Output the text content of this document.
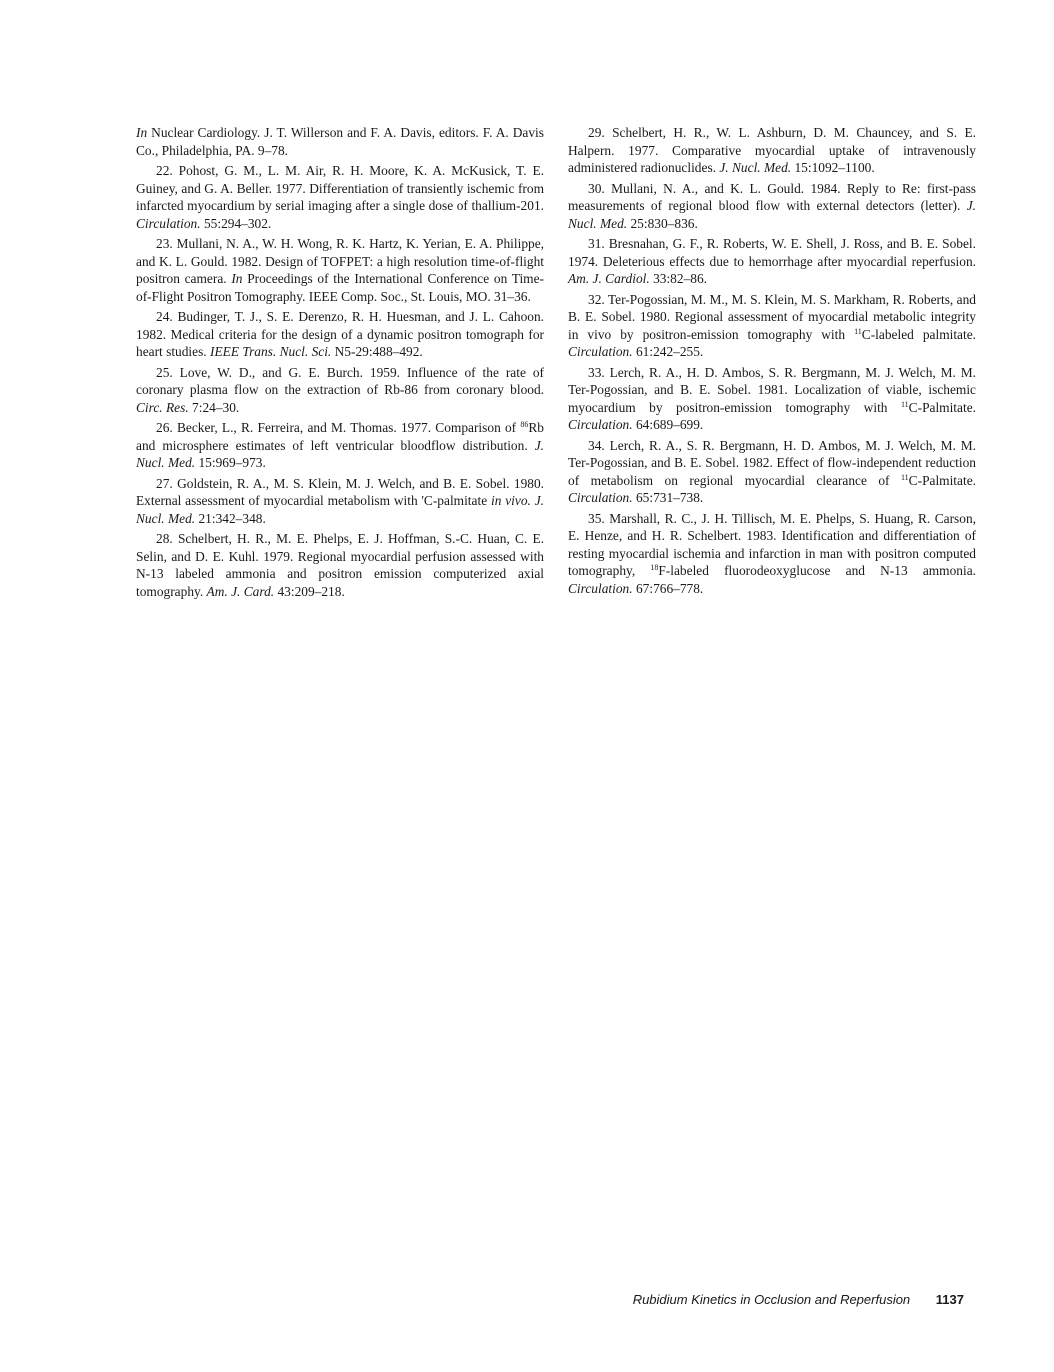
In Nuclear Cardiology. J. T. Willerson and F. A. Davis, editors. F. A. Davis Co., Philadelphia, PA. 9–78.

22. Pohost, G. M., L. M. Air, R. H. Moore, K. A. McKusick, T. E. Guiney, and G. A. Beller. 1977. Differentiation of transiently ischemic from infarcted myocardium by serial imaging after a single dose of thallium-201. Circulation. 55:294–302.

23. Mullani, N. A., W. H. Wong, R. K. Hartz, K. Yerian, E. A. Philippe, and K. L. Gould. 1982. Design of TOFPET: a high resolution time-of-flight positron camera. In Proceedings of the International Conference on Time-of-Flight Positron Tomography. IEEE Comp. Soc., St. Louis, MO. 31–36.

24. Budinger, T. J., S. E. Derenzo, R. H. Huesman, and J. L. Cahoon. 1982. Medical criteria for the design of a dynamic positron tomograph for heart studies. IEEE Trans. Nucl. Sci. N5-29:488–492.

25. Love, W. D., and G. E. Burch. 1959. Influence of the rate of coronary plasma flow on the extraction of Rb-86 from coronary blood. Circ. Res. 7:24–30.

26. Becker, L., R. Ferreira, and M. Thomas. 1977. Comparison of $^{86}$Rb and microsphere estimates of left ventricular bloodflow distribution. J. Nucl. Med. 15:969–973.

27. Goldstein, R. A., M. S. Klein, M. J. Welch, and B. E. Sobel. 1980. External assessment of myocardial metabolism with 'C-palmitate in vivo. J. Nucl. Med. 21:342–348.

28. Schelbert, H. R., M. E. Phelps, E. J. Hoffman, S.-C. Huan, C. E. Selin, and D. E. Kuhl. 1979. Regional myocardial perfusion assessed with N-13 labeled ammonia and positron emission computerized axial tomography. Am. J. Card. 43:209–218.

29. Schelbert, H. R., W. L. Ashburn, D. M. Chauncey, and S. E. Halpern. 1977. Comparative myocardial uptake of intravenously administered radionuclides. J. Nucl. Med. 15:1092–1100.

30. Mullani, N. A., and K. L. Gould. 1984. Reply to Re: first-pass measurements of regional blood flow with external detectors (letter). J. Nucl. Med. 25:830–836.

31. Bresnahan, G. F., R. Roberts, W. E. Shell, J. Ross, and B. E. Sobel. 1974. Deleterious effects due to hemorrhage after myocardial reperfusion. Am. J. Cardiol. 33:82–86.

32. Ter-Pogossian, M. M., M. S. Klein, M. S. Markham, R. Roberts, and B. E. Sobel. 1980. Regional assessment of myocardial metabolic integrity in vivo by positron-emission tomography with $^{11}$C-labeled palmitate. Circulation. 61:242–255.

33. Lerch, R. A., H. D. Ambos, S. R. Bergmann, M. J. Welch, M. M. Ter-Pogossian, and B. E. Sobel. 1981. Localization of viable, ischemic myocardium by positron-emission tomography with $^{11}$C-Palmitate. Circulation. 64:689–699.

34. Lerch, R. A., S. R. Bergmann, H. D. Ambos, M. J. Welch, M. M. Ter-Pogossian, and B. E. Sobel. 1982. Effect of flow-independent reduction of metabolism on regional myocardial clearance of $^{11}$C-Palmitate. Circulation. 65:731–738.

35. Marshall, R. C., J. H. Tillisch, M. E. Phelps, S. Huang, R. Carson, E. Henze, and H. R. Schelbert. 1983. Identification and differentiation of resting myocardial ischemia and infarction in man with positron computed tomography, $^{18}$F-labeled fluorodeoxyglucose and N-13 ammonia. Circulation. 67:766–778.

Rubidium Kinetics in Occlusion and Reperfusion 1137
